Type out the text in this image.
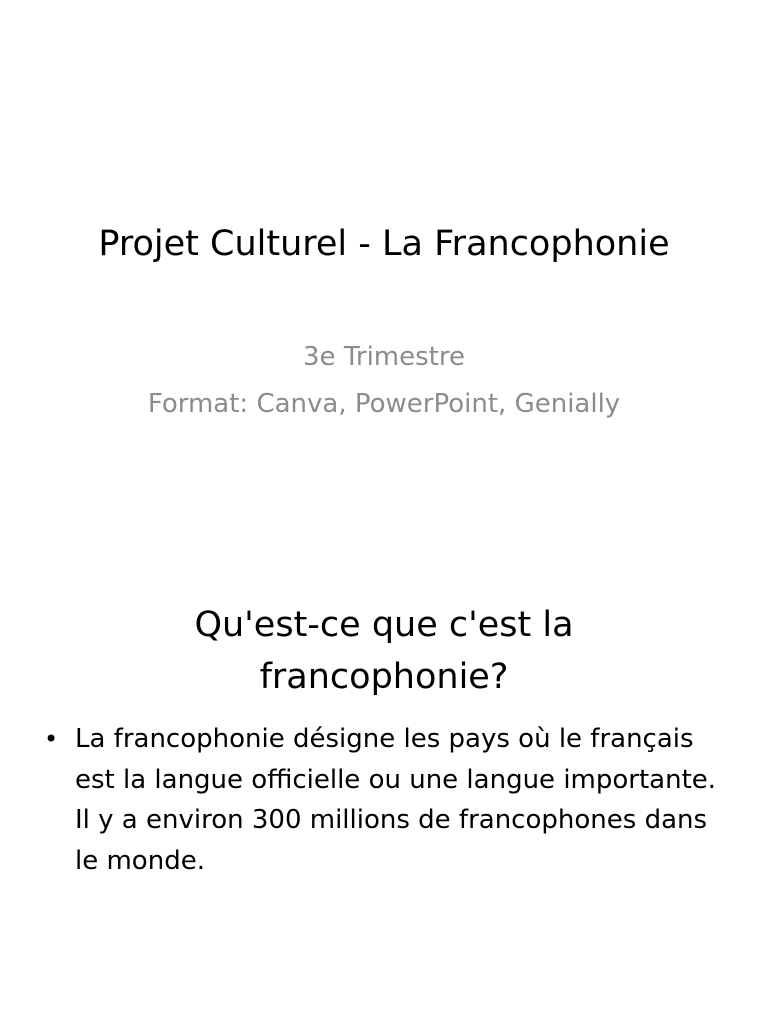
Projet Culturel - La Francophonie
3e Trimestre
Format: Canva, PowerPoint, Genially
Qu'est-ce que c'est la francophonie?
• La francophonie désigne les pays où le français est la langue officielle ou une langue importante. Il y a environ 300 millions de francophones dans le monde.
